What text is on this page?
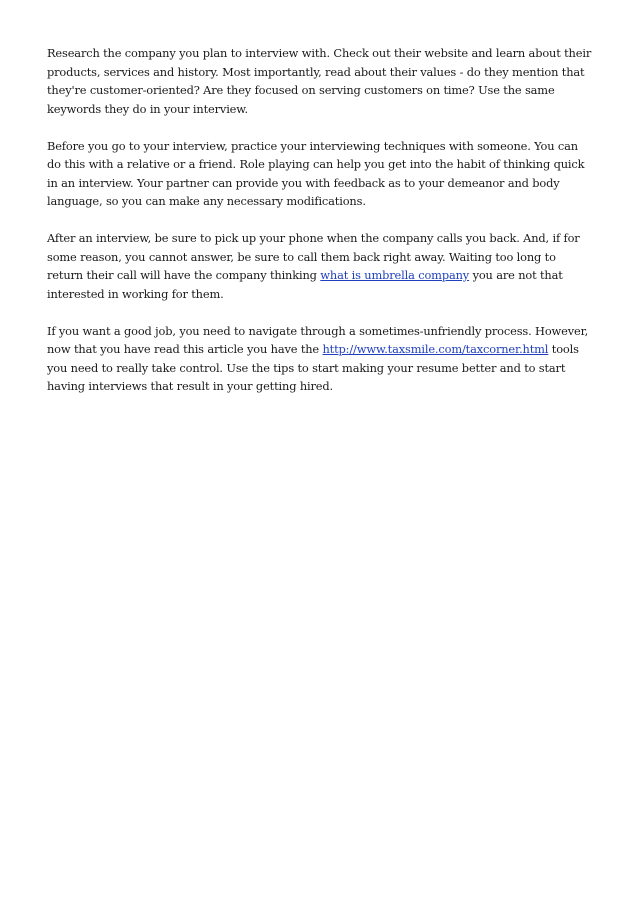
Research the company you plan to interview with. Check out their website and learn about their products, services and history. Most importantly, read about their values - do they mention that they're customer-oriented? Are they focused on serving customers on time? Use the same keywords they do in your interview.

Before you go to your interview, practice your interviewing techniques with someone. You can do this with a relative or a friend. Role playing can help you get into the habit of thinking quick in an interview. Your partner can provide you with feedback as to your demeanor and body language, so you can make any necessary modifications.

After an interview, be sure to pick up your phone when the company calls you back. And, if for some reason, you cannot answer, be sure to call them back right away. Waiting too long to return their call will have the company thinking what is umbrella company you are not that interested in working for them.

If you want a good job, you need to navigate through a sometimes-unfriendly process. However, now that you have read this article you have the http://www.taxsmile.com/taxcorner.html tools you need to really take control. Use the tips to start making your resume better and to start having interviews that result in your getting hired.
